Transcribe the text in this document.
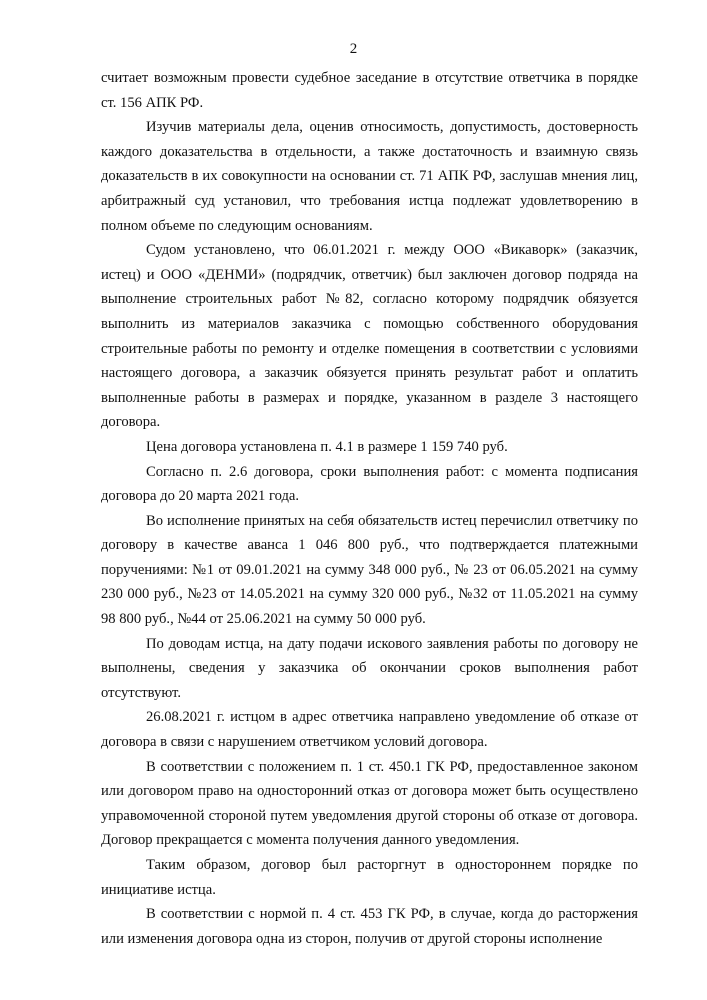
2

считает возможным провести судебное заседание в отсутствие ответчика в порядке ст. 156 АПК РФ.

Изучив материалы дела, оценив относимость, допустимость, достоверность каждого доказательства в отдельности, а также достаточность и взаимную связь доказательств в их совокупности на основании ст. 71 АПК РФ, заслушав мнения лиц, арбитражный суд установил, что требования истца подлежат удовлетворению в полном объеме по следующим основаниям.

Судом установлено, что 06.01.2021 г. между ООО «Викаворк» (заказчик, истец) и ООО «ДЕНМИ» (подрядчик, ответчик) был заключен договор подряда на выполнение строительных работ №82, согласно которому подрядчик обязуется выполнить из материалов заказчика с помощью собственного оборудования строительные работы по ремонту и отделке помещения в соответствии с условиями настоящего договора, а заказчик обязуется принять результат работ и оплатить выполненные работы в размерах и порядке, указанном в разделе 3 настоящего договора.

Цена договора установлена п. 4.1 в размере 1 159 740 руб.

Согласно п. 2.6 договора, сроки выполнения работ: с момента подписания договора до 20 марта 2021 года.

Во исполнение принятых на себя обязательств истец перечислил ответчику по договору в качестве аванса 1 046 800 руб., что подтверждается платежными поручениями: №1 от 09.01.2021 на сумму 348 000 руб., № 23 от 06.05.2021 на сумму 230 000 руб., №23 от 14.05.2021 на сумму 320 000 руб., №32 от 11.05.2021 на сумму 98 800 руб., №44 от 25.06.2021 на сумму 50 000 руб.

По доводам истца, на дату подачи искового заявления работы по договору не выполнены, сведения у заказчика об окончании сроков выполнения работ отсутствуют.

26.08.2021 г. истцом в адрес ответчика направлено уведомление об отказе от договора в связи с нарушением ответчиком условий договора.

В соответствии с положением п. 1 ст. 450.1 ГК РФ, предоставленное законом или договором право на односторонний отказ от договора может быть осуществлено управомоченной стороной путем уведомления другой стороны об отказе от договора. Договор прекращается с момента получения данного уведомления.

Таким образом, договор был расторгнут в одностороннем порядке по инициативе истца.

В соответствии с нормой п. 4 ст. 453 ГК РФ, в случае, когда до расторжения или изменения договора одна из сторон, получив от другой стороны исполнение
